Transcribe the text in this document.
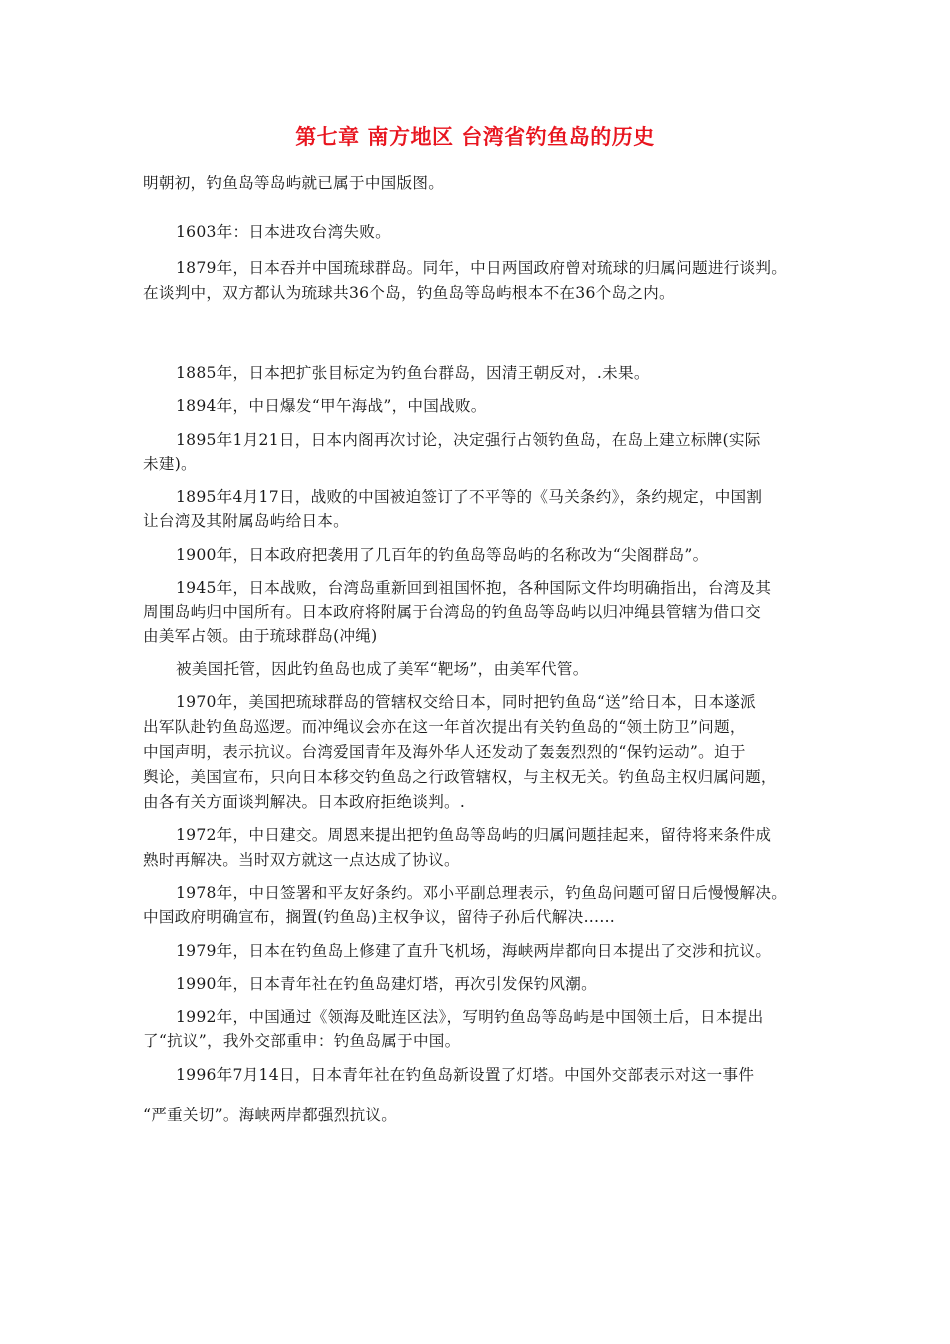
第七章 南方地区 台湾省钓鱼岛的历史
明朝初，钓鱼岛等岛屿就已属于中国版图。
1603年：日本进攻台湾失败。
1879年，日本吞并中国琉球群岛。同年，中日两国政府曾对琉球的归属问题进行谈判。
在谈判中，双方都认为琉球共36个岛，钓鱼岛等岛屿根本不在36个岛之内。
1885年，日本把扩张目标定为钓鱼台群岛，因清王朝反对，.未果。
1894年，中日爆发“甲午海战”，中国战败。
1895年1月21日，日本内阁再次讨论，决定强行占领钓鱼岛，在岛上建立标牌(实际
未建)。
1895年4月17日，战败的中国被迫签订了不平等的《马关条约》，条约规定，中国割
让台湾及其附属岛屿给日本。
1900年，日本政府把袭用了几百年的钓鱼岛等岛屿的名称改为“尖阁群岛”。
1945年，日本战败，台湾岛重新回到祖国怀抱，各种国际文件均明确指出，台湾及其
周围岛屿归中国所有。日本政府将附属于台湾岛的钓鱼岛等岛屿以归冲绳县管辖为借口交
由美军占领。由于琉球群岛(冲绳)
被美国托管，因此钓鱼岛也成了美军“靶场”，由美军代管。
1970年，美国把琉球群岛的管辖权交给日本，同时把钓鱼岛“送”给日本，日本遂派
出军队赴钓鱼岛巡逻。而冲绳议会亦在这一年首次提出有关钓鱼岛的“领土防卫”问题，
中国声明，表示抗议。台湾爱国青年及海外华人还发动了轰轰烈烈的“保钓运动”。迫于
舆论，美国宣布，只向日本移交钓鱼岛之行政管辖权，与主权无关。钓鱼岛主权归属问题，
由各有关方面谈判解决。日本政府拒绝谈判。.
1972年，中日建交。周恩来提出把钓鱼岛等岛屿的归属问题挂起来，留待将来条件成
熟时再解决。当时双方就这一点达成了协议。
1978年，中日签署和平友好条约。邓小平副总理表示，钓鱼岛问题可留日后慢慢解决。
中国政府明确宣布，搁置(钓鱼岛)主权争议，留待子孙后代解决……
1979年，日本在钓鱼岛上修建了直升飞机场，海峡两岸都向日本提出了交涉和抗议。
1990年，日本青年社在钓鱼岛建灯塔，再次引发保钓风潮。
1992年，中国通过《领海及毗连区法》，写明钓鱼岛等岛屿是中国领土后，日本提出
了“抗议”，我外交部重申：钓鱼岛属于中国。
1996年7月14日，日本青年社在钓鱼岛新设置了灯塔。中国外交部表示对这一事件
“严重关切”。海峡两岸都强烈抗议。
